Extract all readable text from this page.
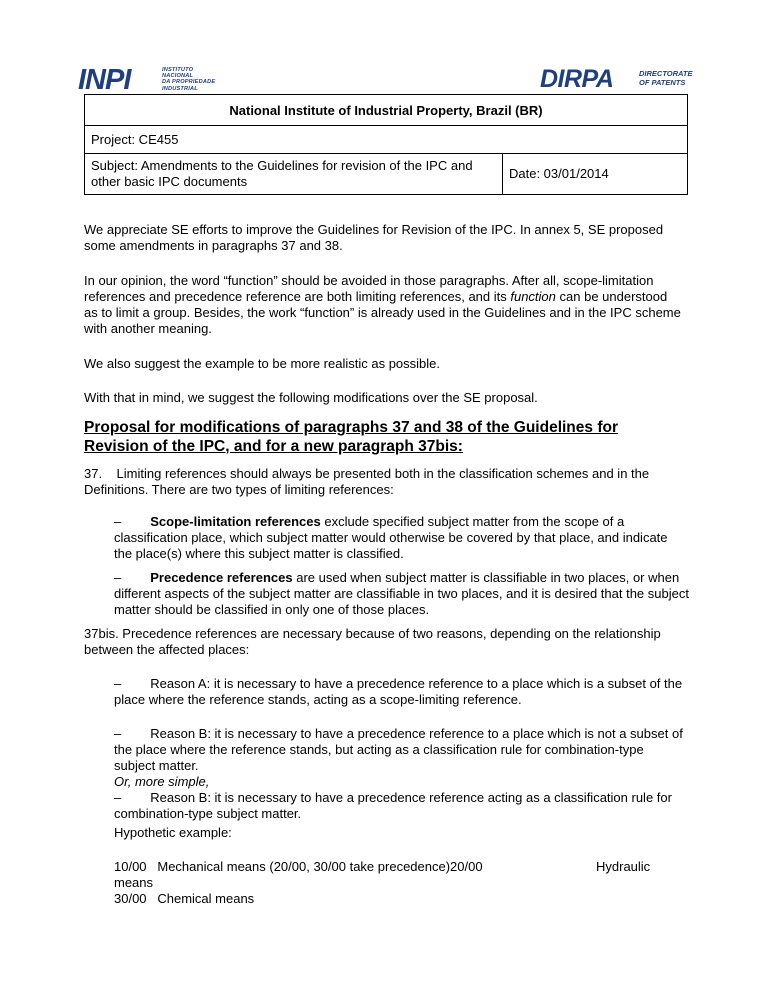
INPI	INSTITUTO
NACIONAL
DA PROPRIEDADE
INDUSTRIAL	DIRPA	DIRECTORATE
OF PATENTS
National Institute of Industrial Property, Brazil (BR)
Project: CE455
Subject: Amendments to the Guidelines for revision of the IPC and other basic IPC documents	Date: 03/01/2014

We appreciate SE efforts to improve the Guidelines for Revision of the IPC. In annex 5, SE proposed some amendments in paragraphs 37 and 38.

In our opinion, the word “function” should be avoided in those paragraphs. After all, scope-limitation references and precedence reference are both limiting references, and its function can be understood as to limit a group. Besides, the work “function” is already used in the Guidelines and in the IPC scheme with another meaning.

We also suggest the example to be more realistic as possible.

With that in mind, we suggest the following modifications over the SE proposal.

Proposal for modifications of paragraphs 37 and 38 of the Guidelines for Revision of the IPC, and for a new paragraph 37bis:

37. Limiting references should always be presented both in the classification schemes and in the Definitions. There are two types of limiting references:

– Scope-limitation references exclude specified subject matter from the scope of a classification place, which subject matter would otherwise be covered by that place, and indicate the place(s) where this subject matter is classified.

– Precedence references are used when subject matter is classifiable in two places, or when different aspects of the subject matter are classifiable in two places, and it is desired that the subject matter should be classified in only one of those places.

37bis. Precedence references are necessary because of two reasons, depending on the relationship between the affected places:

– Reason A: it is necessary to have a precedence reference to a place which is a subset of the place where the reference stands, acting as a scope-limiting reference.

– Reason B: it is necessary to have a precedence reference to a place which is not a subset of the place where the reference stands, but acting as a classification rule for combination-type subject matter.

Or, more simple,

– Reason B: it is necessary to have a precedence reference acting as a classification rule for combination-type subject matter.

Hypothetic example:

10/00   Mechanical means (20/00, 30/00 take precedence)20/00	Hydraulic

means

30/00   Chemical means
